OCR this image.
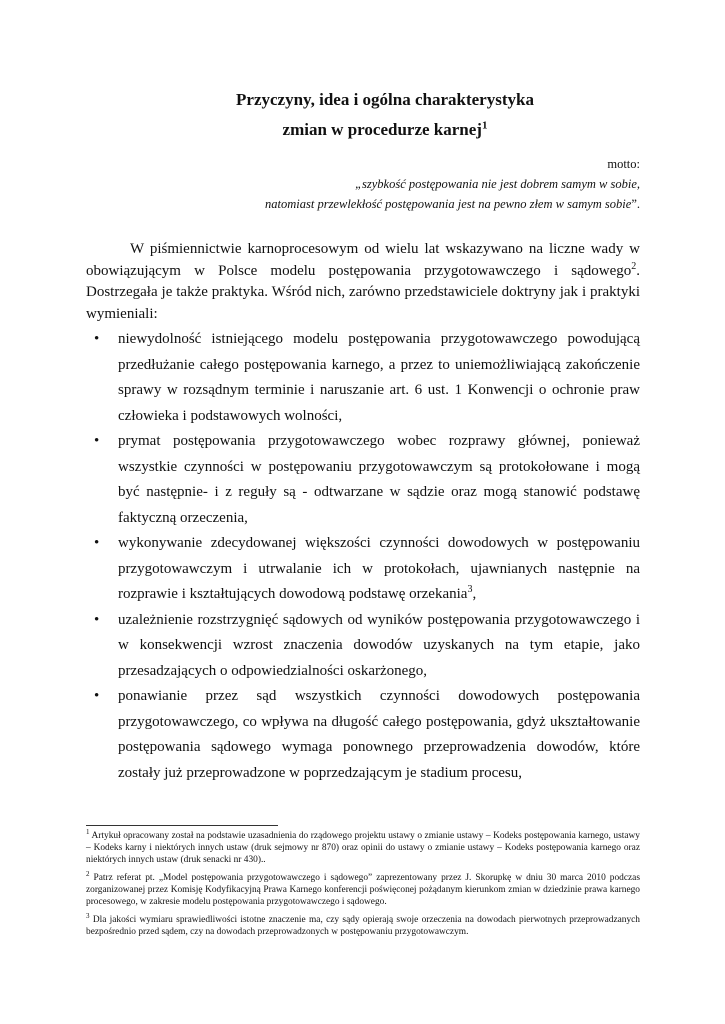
Przyczyny, idea i ogólna charakterystyka
zmian w procedurze karnej$^1$
motto:
„szybkość postępowania nie jest dobrem samym w sobie,
natomiast przewlekłość postępowania jest na pewno złem w samym sobie”.
W piśmiennictwie karnoprocesowym od wielu lat wskazywano na liczne wady w obowiązującym w Polsce modelu postępowania przygotowawczego i sądowego$^2$. Dostrzegała je także praktyka. Wśród nich, zarówno przedstawiciele doktryny jak i praktyki wymieniali:
• niewydolność istniejącego modelu postępowania przygotowawczego powodującą przedłużanie całego postępowania karnego, a przez to uniemożliwiającą zakończenie sprawy w rozsądnym terminie i naruszanie art. 6 ust. 1 Konwencji o ochronie praw człowieka i podstawowych wolności,
• prymat postępowania przygotowawczego wobec rozprawy głównej, ponieważ wszystkie czynności w postępowaniu przygotowawczym są protokołowane i mogą być następnie- i z reguły są - odtwarzane w sądzie oraz mogą stanowić podstawę faktyczną orzeczenia,
• wykonywanie zdecydowanej większości czynności dowodowych w postępowaniu przygotowawczym i utrwalanie ich w protokołach, ujawnianych następnie na rozprawie i kształtujących dowodową podstawę orzekania$^3$,
• uzależnienie rozstrzygnięć sądowych od wyników postępowania przygotowawczego i w konsekwencji wzrost znaczenia dowodów uzyskanych na tym etapie, jako przesadzających o odpowiedzialności oskarżonego,
• ponawianie przez sąd wszystkich czynności dowodowych postępowania przygotowawczego, co wpływa na długość całego postępowania, gdyż ukształtowanie postępowania sądowego wymaga ponownego przeprowadzenia dowodów, które zostały już przeprowadzone w poprzedzającym je stadium procesu,

$^1$ Artykuł opracowany został na podstawie uzasadnienia do rządowego projektu ustawy o zmianie ustawy – Kodeks postępowania karnego, ustawy – Kodeks karny i niektórych innych ustaw (druk sejmowy nr 870) oraz opinii do ustawy o zmianie ustawy – Kodeks postępowania karnego oraz niektórych innych ustaw (druk senacki nr 430)..

$^2$ Patrz referat pt. „Model postępowania przygotowawczego i sądowego” zaprezentowany przez J. Skorupkę w dniu 30 marca 2010 podczas zorganizowanej przez Komisję Kodyfikacyjną Prawa Karnego konferencji poświęconej pożądanym kierunkom zmian w dziedzinie prawa karnego procesowego, w zakresie modelu postępowania przygotowawczego i sądowego.

$^3$ Dla jakości wymiaru sprawiedliwości istotne znaczenie ma, czy sądy opierają swoje orzeczenia na dowodach pierwotnych przeprowadzanych bezpośrednio przed sądem, czy na dowodach przeprowadzonych w postępowaniu przygotowawczym.
